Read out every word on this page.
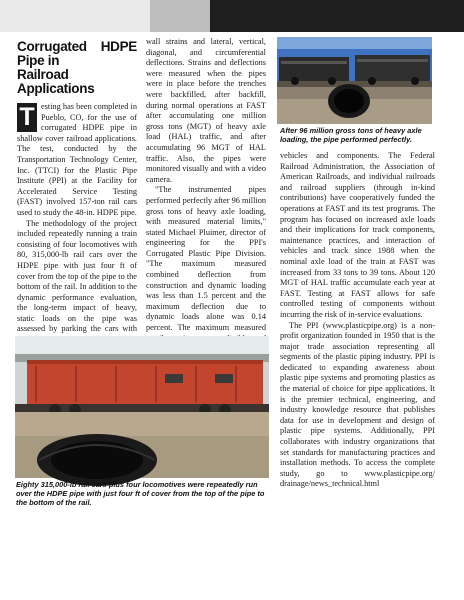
Corrugated HDPE Pipe in
Railroad Applications

T esting has been completed in Pueblo, CO, for the use of corrugated HDPE pipe in shallow cover railroad applications. The test, conducted by the Transportation Technology Center, Inc. (TTCI) for the Plastic Pipe Institute (PPI) at the Facility for Accelerated Service Testing (FAST) involved 157-ton rail cars used to study the 48-in. HDPE pipe.

The methodology of the project included repeatedly running a train consisting of four locomotives with 80, 315,000-lb rail cars over the HDPE pipe with just four ft of cover from the top of the pipe to the bottom of the rail. In addition to the dynamic performance evaluation, the long-term impact of heavy, static loads on the pipe was assessed by parking the cars with

wall strains and lateral, vertical, diagonal, and circumferential deflections. Strains and deflections were measured when the pipes were in place before the trenches were backfilled, after backfill, during normal operations at FAST after accumulating one million gross tons (MGT) of heavy axle load (HAL) traffic, and after accumulating 96 MGT of HAL traffic. Also, the pipes were monitored visually and with a video camera.

"The instrumented pipes performed perfectly after 96 million gross tons of heavy axle loading, with measured material limits," stated Michael Pluimer, director of engineering for the PPI's Corrugated Plastic Pipe Division. "The maximum measured combined deflection from construction and dynamic loading was less than 1.5 percent and the maximum deflection due to dynamic loads alone was 0.14 percent. The maximum measured

After 96 million gross tons of heavy axle loading, the pipe performed perfectly.

vehicles and components. The Federal Railroad Administration, the Association of American Railroads, and individual railroads and railroad suppliers (through in-kind contributions) have cooperatively funded the operations at FAST and its test programs. The program has focused on increased axle loads and their implications for track components, maintenance practices, and interaction of vehicles and track since 1988 when the nominal axle load of the train at FAST was increased from 33 tons to 39 tons. About 120 MGT of HAL traffic accumulate each year at FAST. Testing at FAST allows for safe controlled testing of components without incurring the risk of in-service evaluations.

The PPI (www.plasticpipe.org) is a non-profit organization founded in 1950 that is the major trade association representing all segments of the plastic piping industry. PPI is dedicated to expanding awareness about plastic pipe systems and promoting plastics as the material of choice for pipe applications. It is the premier technical, engineering, and industry knowledge resource that publishes data for use in development and design of plastic pipe systems. Additionally, PPI collaborates with industry organizations that set standards for manufacturing practices and installation methods. To access the complete study, go to www.plasticpipe.org/ drainage/news_technical.html

Eighty 315,000-lb rail cars plus four locomotives were repeatedly run over the HDPE pipe with just four ft of cover from the top of the pipe to the bottom of the rail.
